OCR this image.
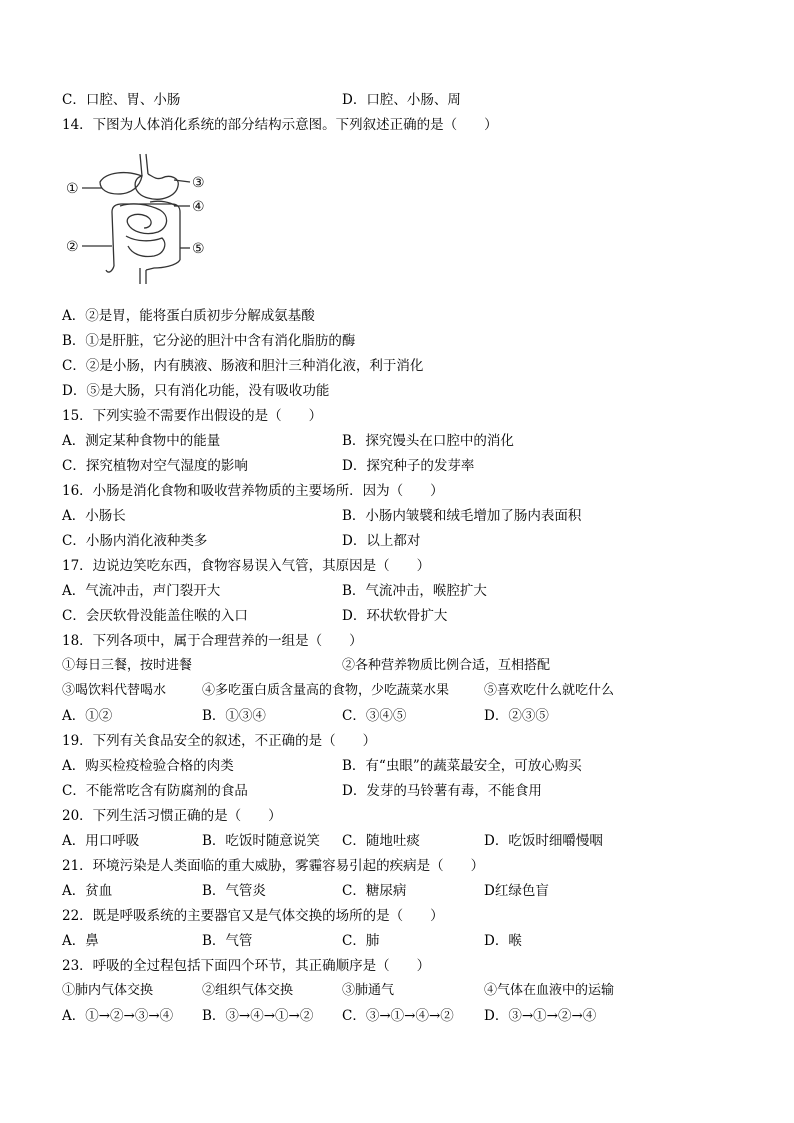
C．口腔、胃、小肠	D．口腔、小肠、周
14．下图为人体消化系统的部分结构示意图。下列叙述正确的是（　　）
①
②
③
④
⑤
A．②是胃，能将蛋白质初步分解成氨基酸
B．①是肝脏，它分泌的胆汁中含有消化脂肪的酶
C．②是小肠，内有胰液、肠液和胆汁三种消化液，利于消化
D．⑤是大肠，只有消化功能，没有吸收功能
15．下列实验不需要作出假设的是（　　）
A．测定某种食物中的能量	B．探究馒头在口腔中的消化
C．探究植物对空气湿度的影响	D．探究种子的发芽率
16．小肠是消化食物和吸收营养物质的主要场所．因为（　　）
A．小肠长	B．小肠内皱襞和绒毛增加了肠内表面积
C．小肠内消化液种类多	D．以上都对
17．边说边笑吃东西，食物容易误入气管，其原因是（　　）
A．气流冲击，声门裂开大	B．气流冲击，喉腔扩大
C．会厌软骨没能盖住喉的入口	D．环状软骨扩大
18．下列各项中，属于合理营养的一组是（　　）
①每日三餐，按时进餐	②各种营养物质比例合适，互相搭配
③喝饮料代替喝水	④多吃蛋白质含量高的食物，少吃蔬菜水果	⑤喜欢吃什么就吃什么
A．①②	B．①③④	C．③④⑤	D．②③⑤
19．下列有关食品安全的叙述，不正确的是（　　）
A．购买检疫检验合格的肉类	B．有“虫眼”的蔬菜最安全，可放心购买
C．不能常吃含有防腐剂的食品	D．发芽的马铃薯有毒，不能食用
20．下列生活习惯正确的是（　　）
A．用口呼吸	B．吃饭时随意说笑 C．随地吐痰	D．吃饭时细嚼慢咽
21．环境污染是人类面临的重大威胁，雾霾容易引起的疾病是（　　）
A．贫血	B．气管炎	C．糖尿病	D红绿色盲
22．既是呼吸系统的主要器官又是气体交换的场所的是（　　）
A．鼻	B．气管	C．肺	D．喉
23．呼吸的全过程包括下面四个环节，其正确顺序是（　　）
①肺内气体交换	②组织气体交换	③肺通气	④气体在血液中的运输
A．①→②→③→④ B．③→④→①→② C．③→①→④→② D．③→①→②→④
